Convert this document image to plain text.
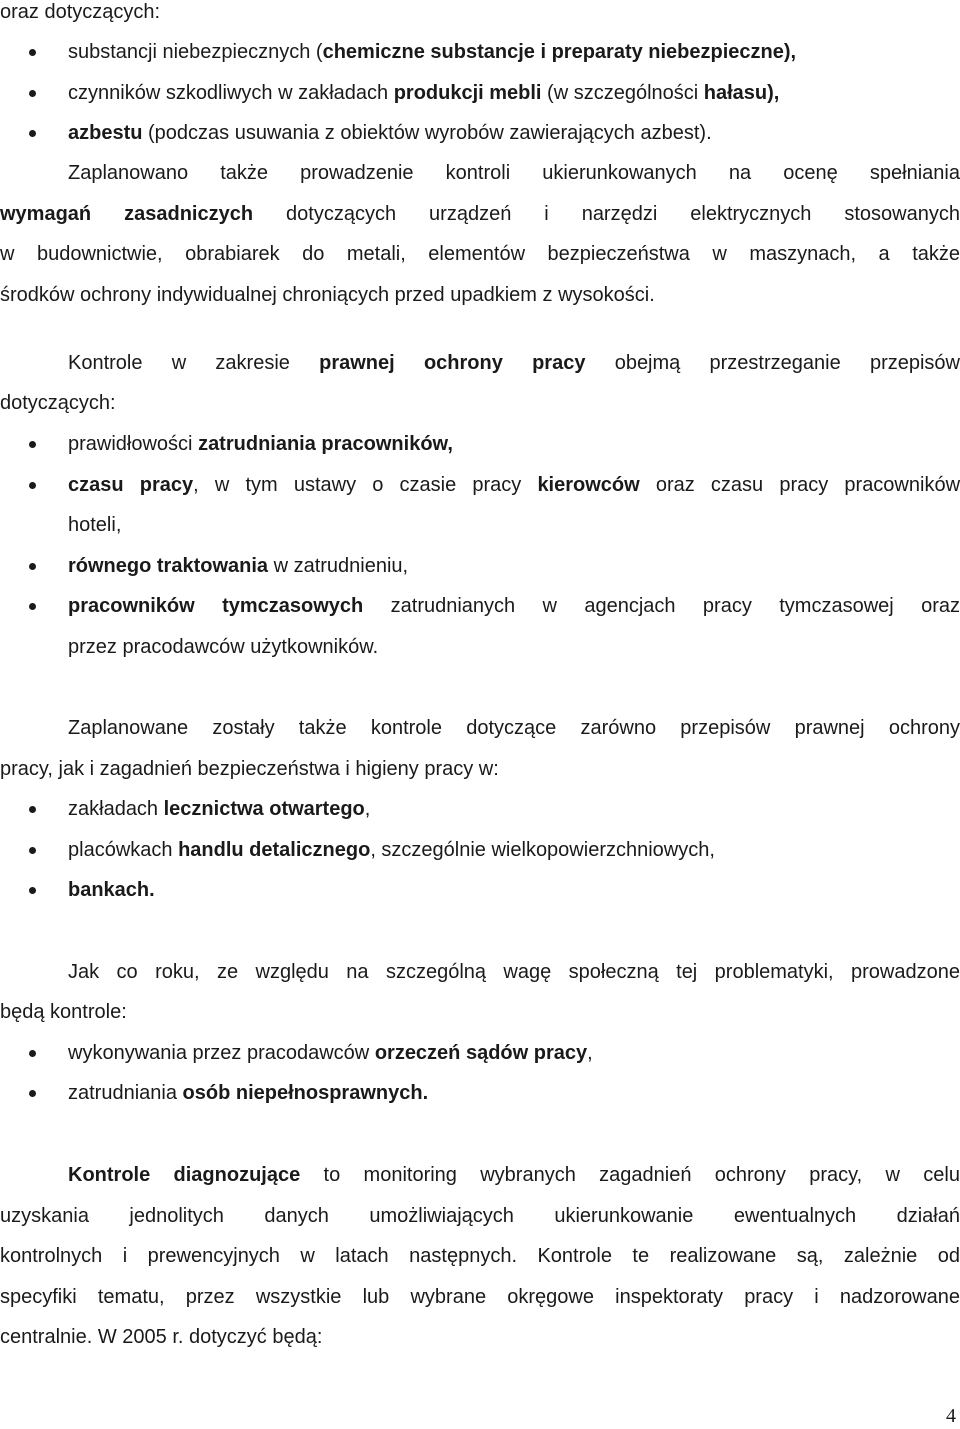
oraz dotyczących:

substancji niebezpiecznych (chemiczne substancje i preparaty niebezpieczne),
czynników szkodliwych w zakładach produkcji mebli (w szczególności hałasu),
azbestu (podczas usuwania z obiektów wyrobów zawierających azbest).

Zaplanowano także prowadzenie kontroli ukierunkowanych na ocenę spełniania

wymagań zasadniczych dotyczących urządzeń i narzędzi elektrycznych stosowanych

w budownictwie, obrabiarek do metali, elementów bezpieczeństwa w maszynach, a także

środków ochrony indywidualnej chroniących przed upadkiem z wysokości.

Kontrole w zakresie prawnej ochrony pracy obejmą przestrzeganie przepisów

dotyczących:

prawidłowości zatrudniania pracowników,
czasu pracy, w tym ustawy o czasie pracy kierowców oraz czasu pracy pracowników

hoteli,

równego traktowania w zatrudnieniu,
pracowników tymczasowych zatrudnianych w agencjach pracy tymczasowej oraz

przez pracodawców użytkowników.

Zaplanowane zostały także kontrole dotyczące zarówno przepisów prawnej ochrony

pracy, jak i zagadnień bezpieczeństwa i higieny pracy w:

zakładach lecznictwa otwartego,
placówkach handlu detalicznego, szczególnie wielkopowierzchniowych,
bankach.

Jak co roku, ze względu na szczególną wagę społeczną tej problematyki, prowadzone

będą kontrole:

wykonywania przez pracodawców orzeczeń sądów pracy,
zatrudniania osób niepełnosprawnych.

Kontrole diagnozujące to monitoring wybranych zagadnień ochrony pracy, w celu

uzyskania jednolitych danych umożliwiających ukierunkowanie ewentualnych działań

kontrolnych i prewencyjnych w latach następnych. Kontrole te realizowane są, zależnie od

specyfiki tematu, przez wszystkie lub wybrane okręgowe inspektoraty pracy i nadzorowane

centralnie. W 2005 r. dotyczyć będą:

4
